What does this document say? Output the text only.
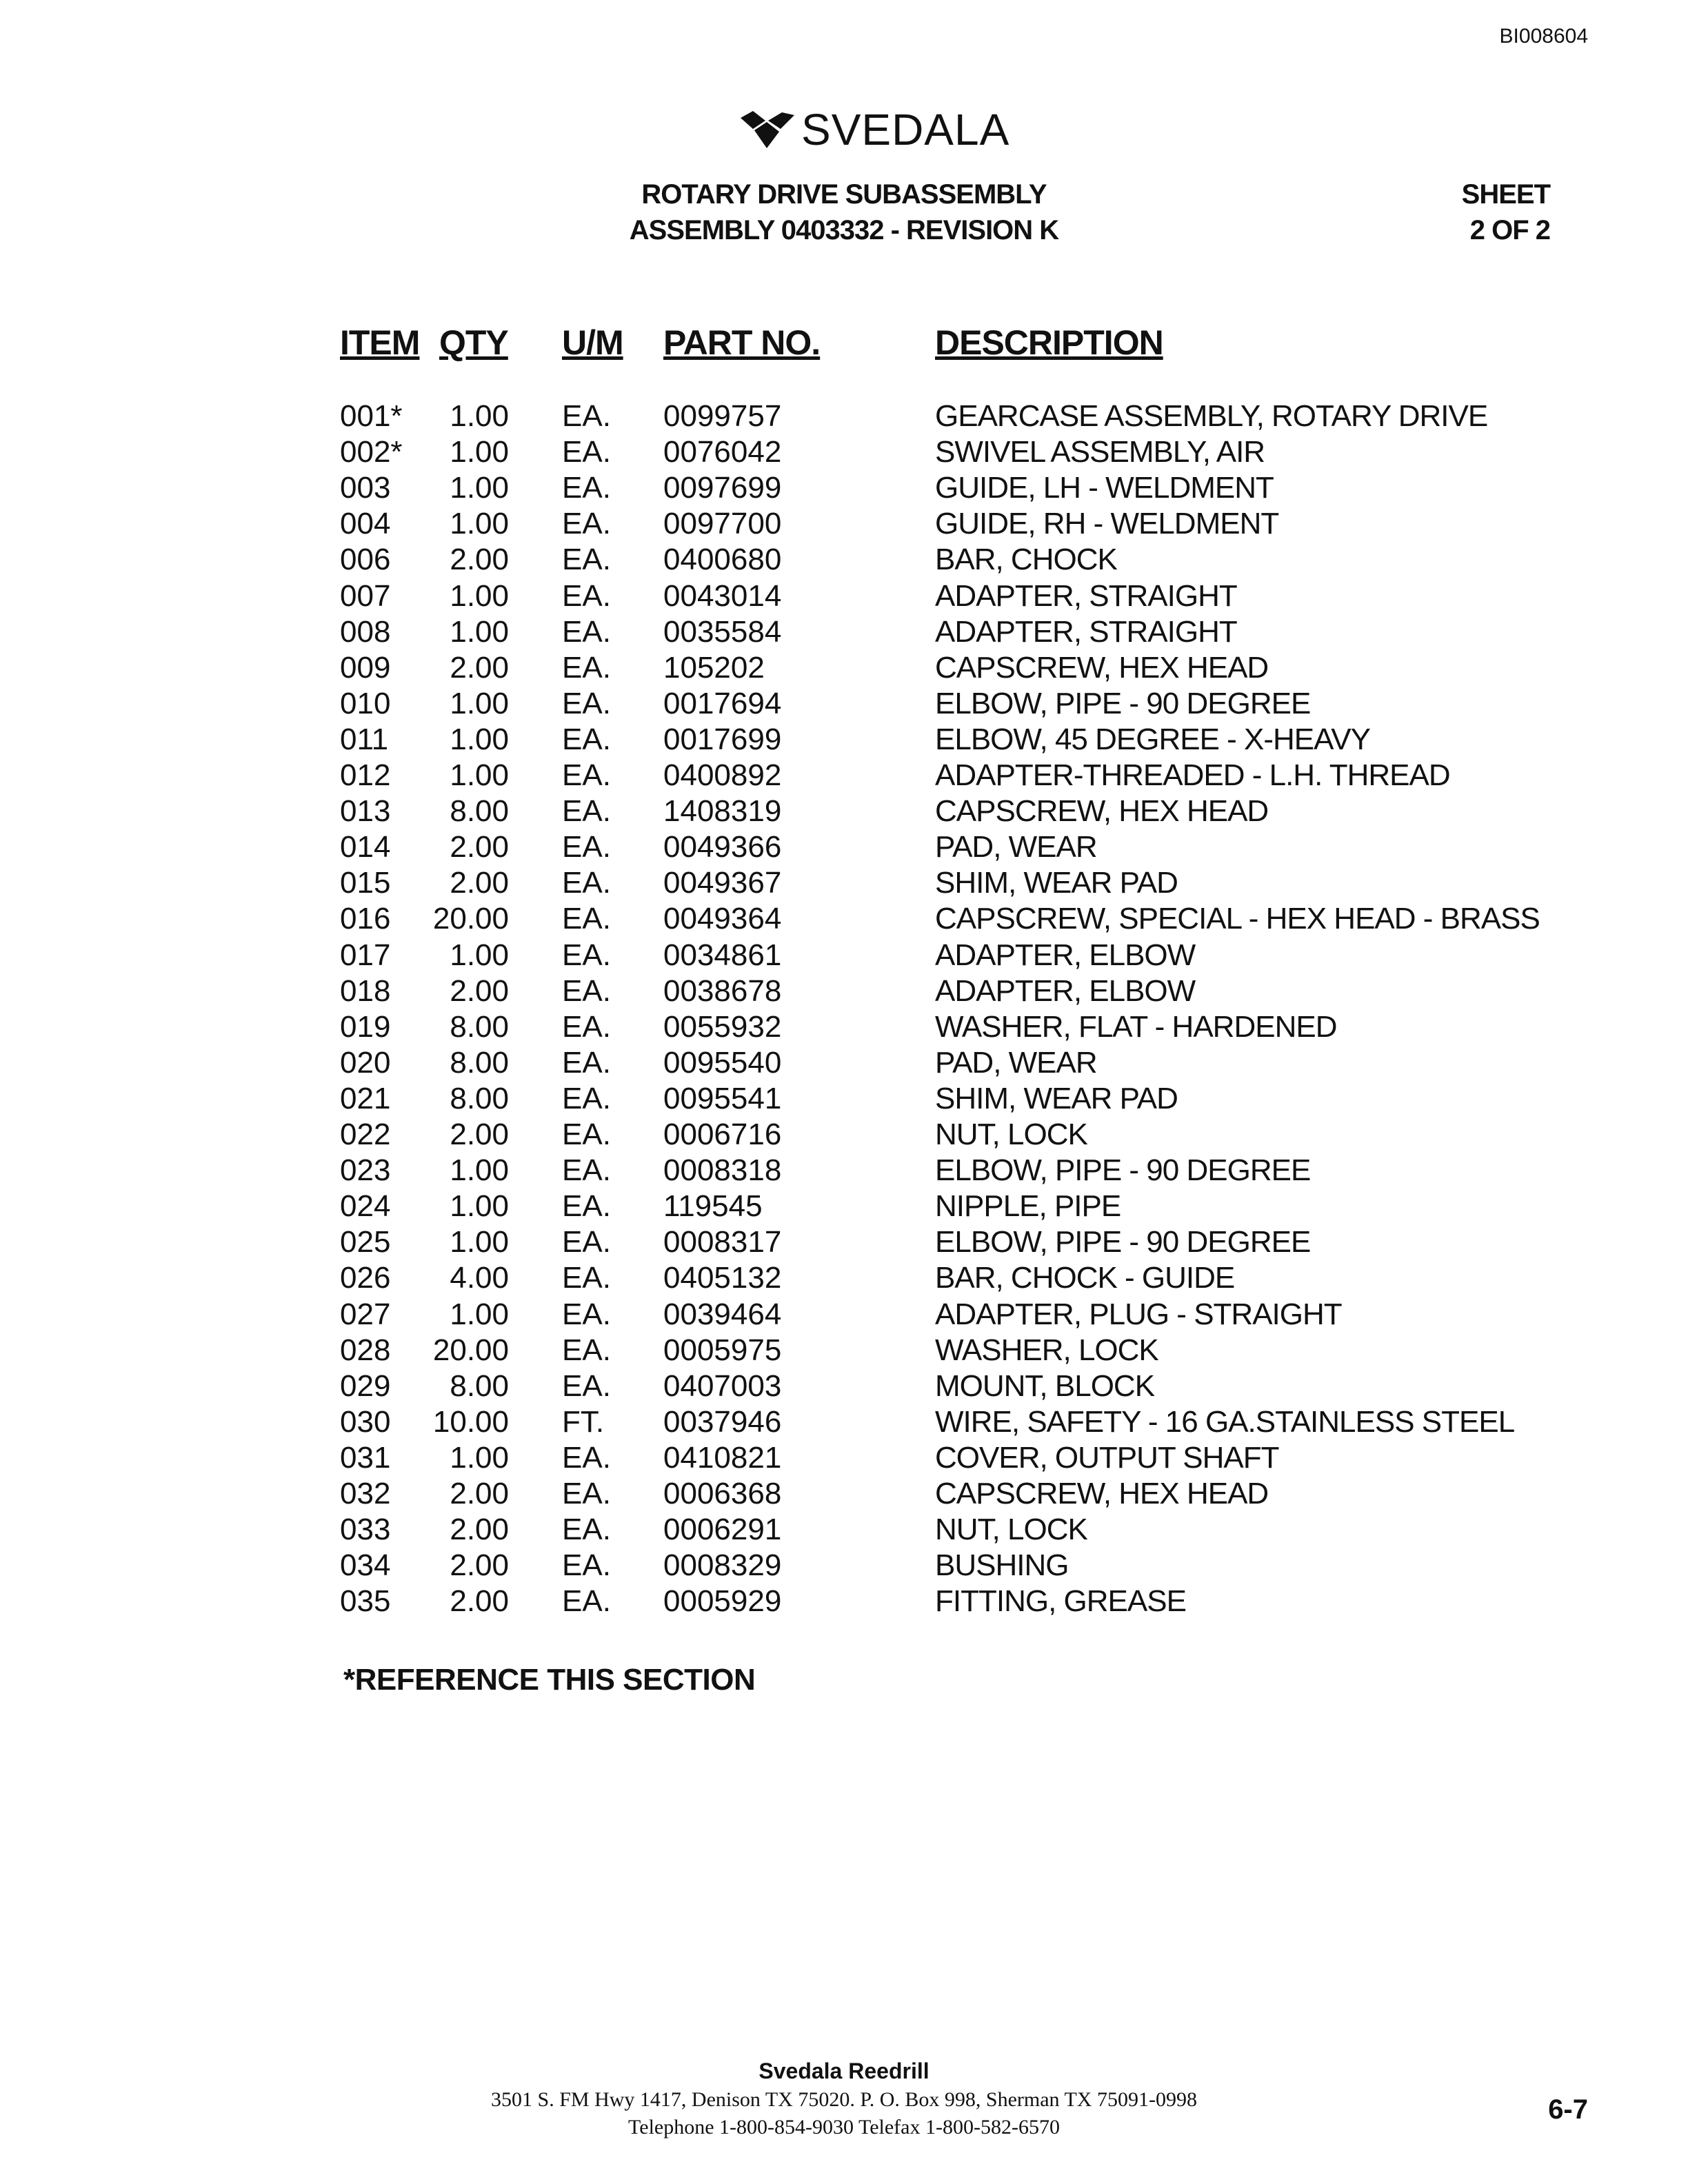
BI008604
SVEDALA
ROTARY DRIVE SUBASSEMBLY
ASSEMBLY 0403332 - REVISION K
SHEET
2 OF 2
ITEM QTY U/M PART NO.	DESCRIPTION
001* 1.00 EA. 0099757	GEARCASE ASSEMBLY, ROTARY DRIVE
002* 1.00 EA. 0076042	SWIVEL ASSEMBLY, AIR
003 1.00 EA. 0097699	GUIDE, LH - WELDMENT
004 1.00 EA. 0097700	GUIDE, RH - WELDMENT
006 2.00 EA. 0400680	BAR, CHOCK
007 1.00 EA. 0043014	ADAPTER, STRAIGHT
008 1.00 EA. 0035584	ADAPTER, STRAIGHT
009 2.00 EA. 105202	CAPSCREW, HEX HEAD
010 1.00 EA. 0017694	ELBOW, PIPE - 90 DEGREE
011 1.00 EA. 0017699	ELBOW, 45 DEGREE - X-HEAVY
012 1.00 EA. 0400892	ADAPTER-THREADED - L.H. THREAD
013 8.00 EA. 1408319	CAPSCREW, HEX HEAD
014 2.00 EA. 0049366	PAD, WEAR
015 2.00 EA. 0049367	SHIM, WEAR PAD
016 20.00 EA. 0049364	CAPSCREW, SPECIAL - HEX HEAD - BRASS
017 1.00 EA. 0034861	ADAPTER, ELBOW
018 2.00 EA. 0038678	ADAPTER, ELBOW
019 8.00 EA. 0055932	WASHER, FLAT - HARDENED
020 8.00 EA. 0095540	PAD, WEAR
021 8.00 EA. 0095541	SHIM, WEAR PAD
022 2.00 EA. 0006716	NUT, LOCK
023 1.00 EA. 0008318	ELBOW, PIPE - 90 DEGREE
024 1.00 EA. 119545	NIPPLE, PIPE
025 1.00 EA. 0008317	ELBOW, PIPE - 90 DEGREE
026 4.00 EA. 0405132	BAR, CHOCK - GUIDE
027 1.00 EA. 0039464	ADAPTER, PLUG - STRAIGHT
028 20.00 EA. 0005975	WASHER, LOCK
029 8.00 EA. 0407003	MOUNT, BLOCK
030 10.00 FT. 0037946	WIRE, SAFETY - 16 GA.STAINLESS STEEL
031 1.00 EA. 0410821	COVER, OUTPUT SHAFT
032 2.00 EA. 0006368	CAPSCREW, HEX HEAD
033 2.00 EA. 0006291	NUT, LOCK
034 2.00 EA. 0008329	BUSHING
035 2.00 EA. 0005929	FITTING, GREASE
*REFERENCE THIS SECTION
Svedala Reedrill
3501 S. FM Hwy 1417, Denison TX 75020. P. O. Box 998, Sherman TX 75091-0998
Telephone 1-800-854-9030 Telefax 1-800-582-6570
6-7
